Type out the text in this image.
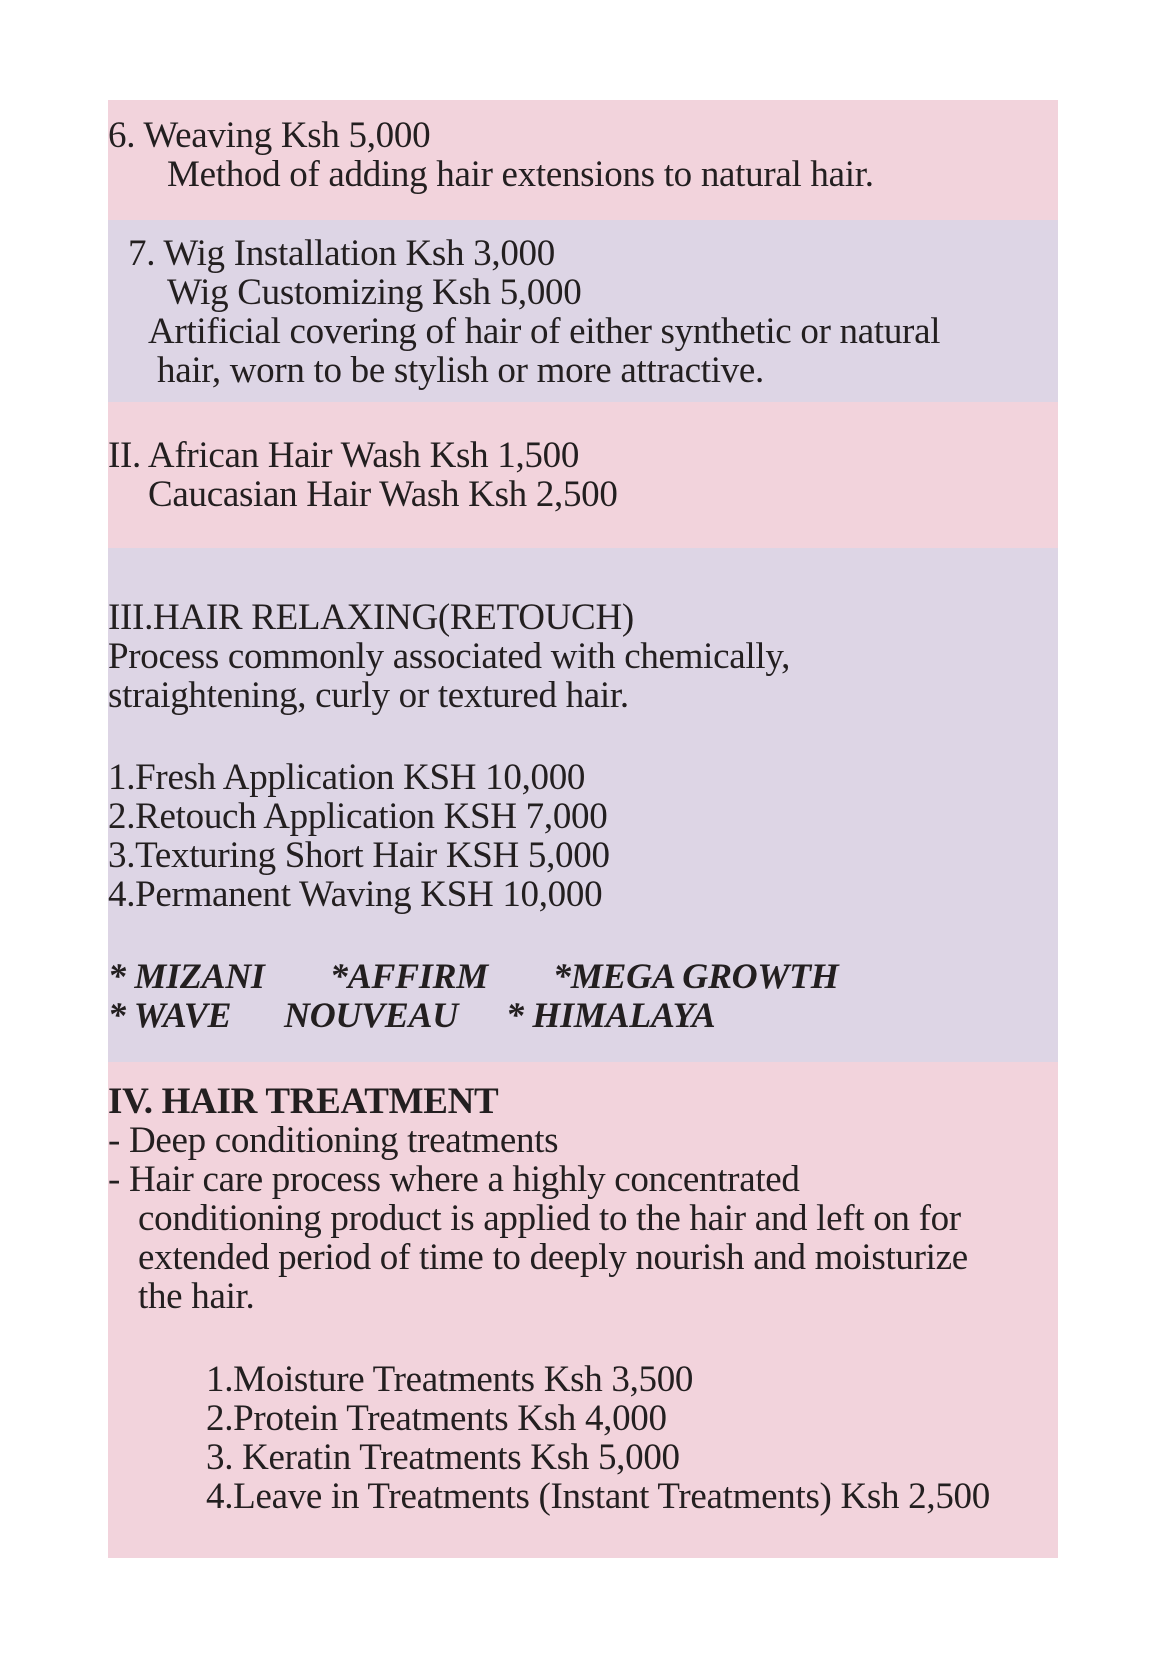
6. Weaving Ksh 5,000
Method of adding hair extensions to natural hair.
7. Wig Installation Ksh 3,000
Wig Customizing Ksh 5,000
Artificial covering of hair of either synthetic or natural
hair, worn to be stylish or more attractive.
II. African Hair Wash Ksh 1,500
Caucasian Hair Wash Ksh 2,500
III.HAIR RELAXING(RETOUCH)
Process commonly associated with chemically,
straightening, curly or textured hair.
1.Fresh Application KSH 10,000
2.Retouch Application KSH 7,000
3.Texturing Short Hair KSH 5,000
4.Permanent Waving KSH 10,000
* MIZANI *AFFIRM *MEGA GROWTH
* WAVE NOUVEAU * HIMALAYA
IV. HAIR TREATMENT
- Deep conditioning treatments
- Hair care process where a highly concentrated
conditioning product is applied to the hair and left on for
extended period of time to deeply nourish and moisturize
the hair.
1.Moisture Treatments Ksh 3,500
2.Protein Treatments Ksh 4,000
3. Keratin Treatments Ksh 5,000
4.Leave in Treatments (Instant Treatments) Ksh 2,500
